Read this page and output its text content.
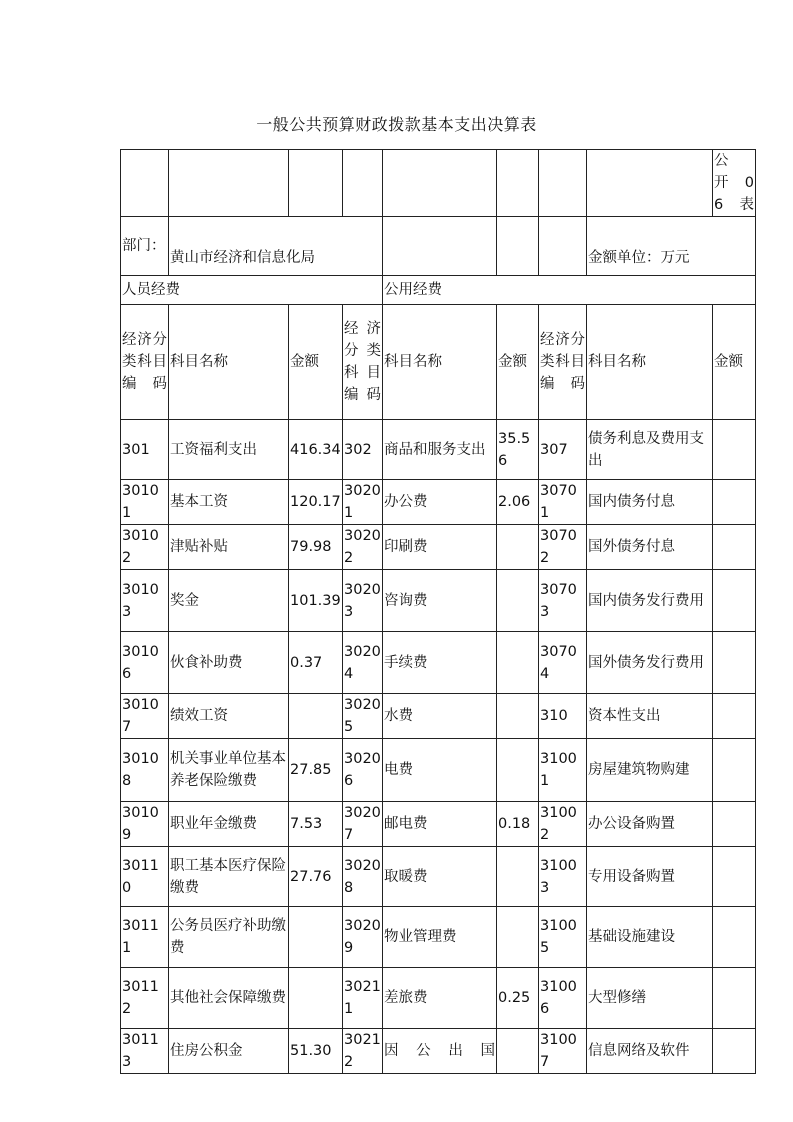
一般公共预算财政拨款基本支出决算表

								公　开　06表

部门：	黄山市经济和信息化局						金额单位：万元	
人员经费				公用经费				
经济分类科目编码	科目名称	金额	经济分类科目编码	科目名称	金额	经济分类科目编码	科目名称	金额
301	工资福利支出	416.34	302	商品和服务支出	35.56	307	债务利息及费用支出	
30101	基本工资	120.17	30201	办公费	2.06	30701	国内债务付息	
30102	津贴补贴	79.98	30202	印刷费		30702	国外债务付息	
30103	奖金	101.39	30203	咨询费		30703	国内债务发行费用	
30106	伙食补助费	0.37	30204	手续费		30704	国外债务发行费用	
30107	绩效工资		30205	水费		310	资本性支出	
30108	机关事业单位基本养老保险缴费	27.85	30206	电费		31001	房屋建筑物购建	
30109	职业年金缴费	7.53	30207	邮电费	0.18	31002	办公设备购置	
30110	职工基本医疗保险缴费	27.76	30208	取暖费		31003	专用设备购置	
30111	公务员医疗补助缴费		30209	物业管理费		31005	基础设施建设	
30112	其他社会保障缴费		30211	差旅费	0.25	31006	大型修缮	
30113	住房公积金	51.30	30212	因公出国		31007	信息网络及软件	
